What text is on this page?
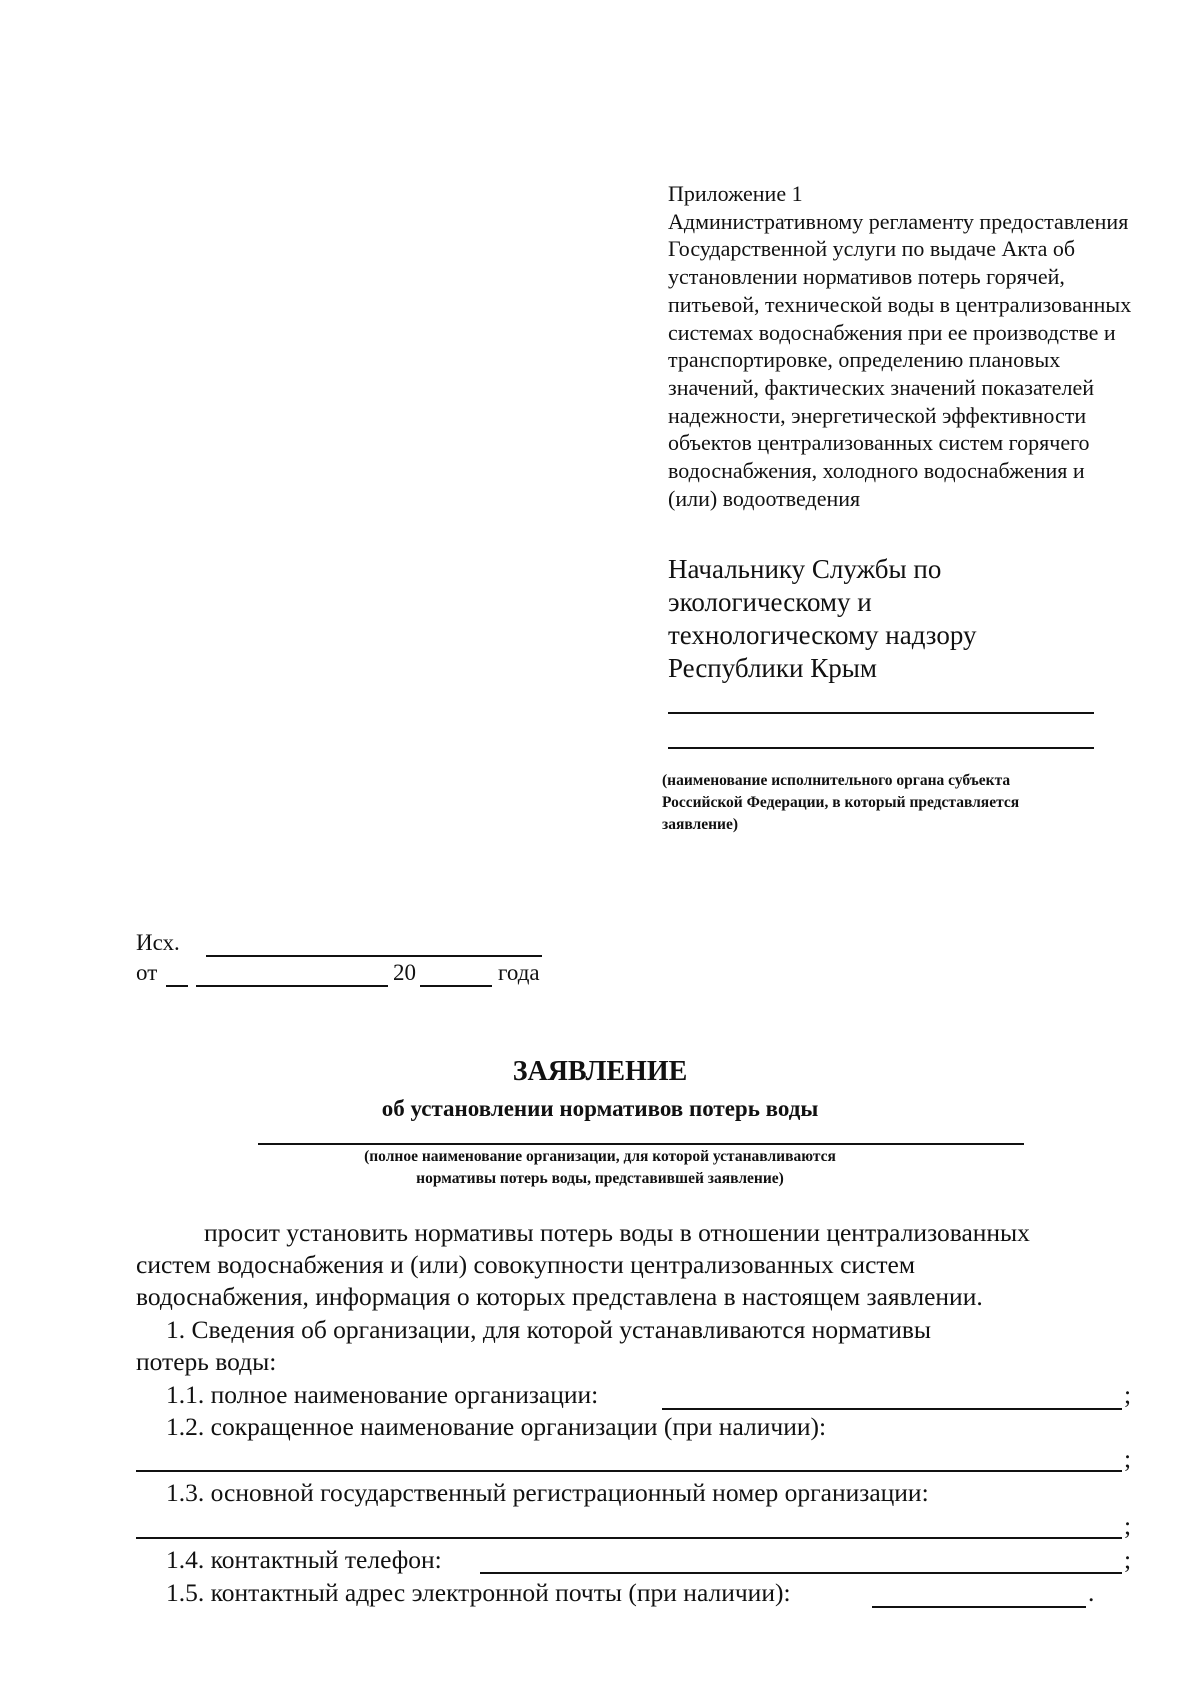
Приложение 1
Административному регламенту предоставления
Государственной услуги по выдаче Акта об
установлении нормативов потерь горячей,
питьевой, технической воды в централизованных
системах водоснабжения при ее производстве и
транспортировке, определению плановых
значений, фактических значений показателей
надежности, энергетической эффективности
объектов централизованных систем горячего
водоснабжения, холодного водоснабжения и
(или) водоотведения
Начальнику Службы по
экологическому и
технологическому надзору
Республики Крым
(наименование исполнительного органа субъекта
Российской Федерации, в который представляется
заявление)
Исх.
от	20	года
ЗАЯВЛЕНИЕ
об установлении нормативов потерь воды
(полное наименование организации, для которой устанавливаются
нормативы потерь воды, представившей заявление)
просит установить нормативы потерь воды в отношении централизованных
систем водоснабжения и (или) совокупности централизованных систем
водоснабжения, информация о которых представлена в настоящем заявлении.
1. Сведения об организации, для которой устанавливаются нормативы
потерь воды:
1.1. полное наименование организации:	;
1.2. сокращенное наименование организации (при наличии):
;
1.3. основной государственный регистрационный номер организации:
;
1.4. контактный телефон:	;
1.5. контактный адрес электронной почты (при наличии):	.
